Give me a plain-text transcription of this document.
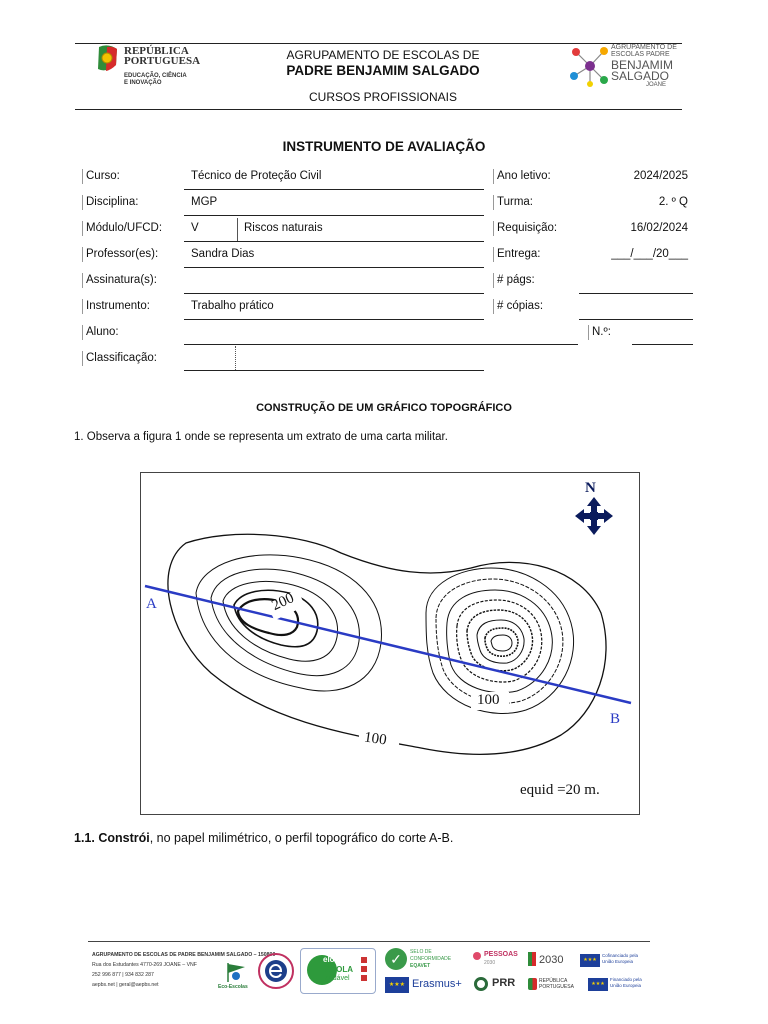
REPÚBLICA
PORTUGUESA
EDUCAÇÃO, CIÊNCIA
E INOVAÇÃO
AGRUPAMENTO DE ESCOLAS DE
PADRE BENJAMIM SALGADO
CURSOS PROFISSIONAIS
AGRUPAMENTO DE
ESCOLAS PADRE
BENJAMIM
SALGADO
JOANE
INSTRUMENTO DE AVALIAÇÃO
Curso:	Técnico de Proteção Civil	Ano letivo:	2024/2025
Disciplina:	MGP	Turma:	2. º Q
Módulo/UFCD:	V	Riscos naturais	Requisição:	16/02/2024
Professor(es):	Sandra Dias	Entrega:	___/___/20___
Assinatura(s):	# págs:
Instrumento:	Trabalho prático	# cópias:
Aluno:	N.º:
Classificação:
CONSTRUÇÃO DE UM GRÁFICO TOPOGRÁFICO
1. Observa a figura 1 onde se representa um extrato de uma carta militar.
A
B
200
100
100
equid =20 m.
N
1.1. Constrói, no papel milimétrico, o perfil topográfico do corte A-B.
AGRUPAMENTO DE ESCOLAS DE PADRE BENJAMIM SALGADO – 150800
Rua dos Estudantes 4770-269 JOANE – VNF
252 996 877 | 934 832 287
aepbs.net | geral@aepbs.net	Eco-Escolas
elo
SCOLA
audável
✓	SELO DE
CONFORMIDADE
EQAVET
★★★ Erasmus+
PESSOAS
2030	2030
PRR	REPÚBLICA PORTUGUESA
★★★
Cofinanciado pela União Europeia
★★★
Financiado pela União Europeia
